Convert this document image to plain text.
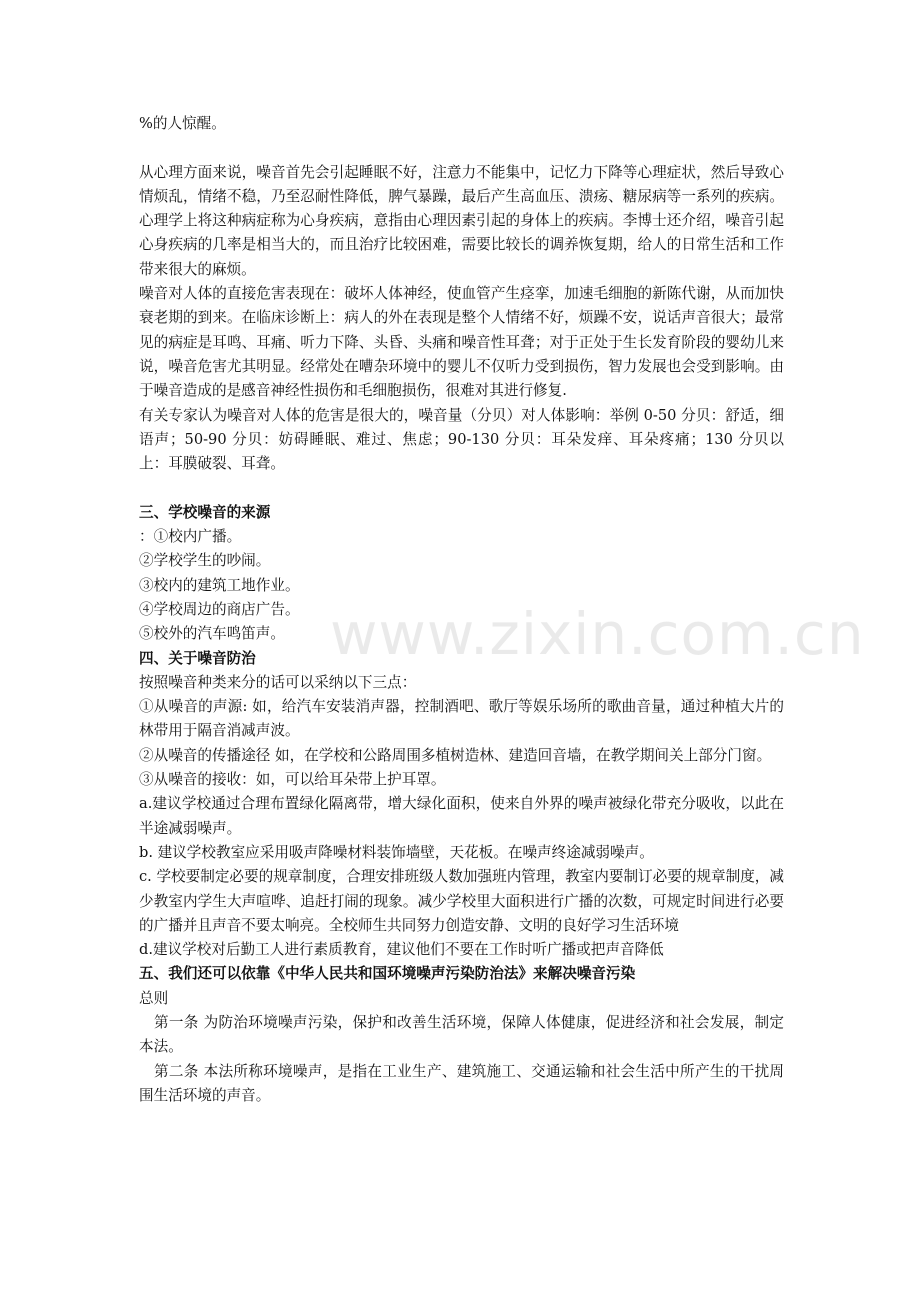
www.zixin.com.cn

%的人惊醒。

从心理方面来说，噪音首先会引起睡眠不好，注意力不能集中，记忆力下降等心理症状，然后导致心情烦乱，情绪不稳，乃至忍耐性降低，脾气暴躁，最后产生高血压、溃疡、糖尿病等一系列的疾病。心理学上将这种病症称为心身疾病，意指由心理因素引起的身体上的疾病。李博士还介绍，噪音引起心身疾病的几率是相当大的，而且治疗比较困难，需要比较长的调养恢复期，给人的日常生活和工作带来很大的麻烦。

噪音对人体的直接危害表现在：破坏人体神经，使血管产生痉挛，加速毛细胞的新陈代谢，从而加快衰老期的到来。在临床诊断上：病人的外在表现是整个人情绪不好，烦躁不安，说话声音很大；最常见的病症是耳鸣、耳痛、听力下降、头昏、头痛和噪音性耳聋；对于正处于生长发育阶段的婴幼儿来说，噪音危害尤其明显。经常处在嘈杂环境中的婴儿不仅听力受到损伤，智力发展也会受到影响。由于噪音造成的是感音神经性损伤和毛细胞损伤，很难对其进行修复.

有关专家认为噪音对人体的危害是很大的，噪音量（分贝）对人体影响：举例 0-50 分贝：舒适，细语声；50-90 分贝：妨碍睡眠、难过、焦虑；90-130 分贝：耳朵发痒、耳朵疼痛；130 分贝以上：耳膜破裂、耳聋。

三、学校噪音的来源

：①校内广播。

②学校学生的吵闹。

③校内的建筑工地作业。

④学校周边的商店广告。

⑤校外的汽车鸣笛声。

四、关于噪音防治

按照噪音种类来分的话可以采纳以下三点：

①从噪音的声源: 如，给汽车安装消声器，控制酒吧、歌厅等娱乐场所的歌曲音量，通过种植大片的林带用于隔音消减声波。

②从噪音的传播途径 如，在学校和公路周围多植树造林、建造回音墙，在教学期间关上部分门窗。

③从噪音的接收：如，可以给耳朵带上护耳罩。

a.建议学校通过合理布置绿化隔离带，增大绿化面积，使来自外界的噪声被绿化带充分吸收，以此在半途减弱噪声。

b. 建议学校教室应采用吸声降噪材料装饰墙壁，天花板。在噪声终途减弱噪声。

c. 学校要制定必要的规章制度，合理安排班级人数加强班内管理，教室内要制订必要的规章制度，减少教室内学生大声喧哗、追赶打闹的现象。减少学校里大面积进行广播的次数，可规定时间进行必要的广播并且声音不要太响亮。全校师生共同努力创造安静、文明的良好学习生活环境

d.建议学校对后勤工人进行素质教育，建议他们不要在工作时听广播或把声音降低

五、我们还可以依靠《中华人民共和国环境噪声污染防治法》来解决噪音污染

总则

第一条 为防治环境噪声污染，保护和改善生活环境，保障人体健康，促进经济和社会发展，制定本法。

第二条 本法所称环境噪声，是指在工业生产、建筑施工、交通运输和社会生活中所产生的干扰周围生活环境的声音。
